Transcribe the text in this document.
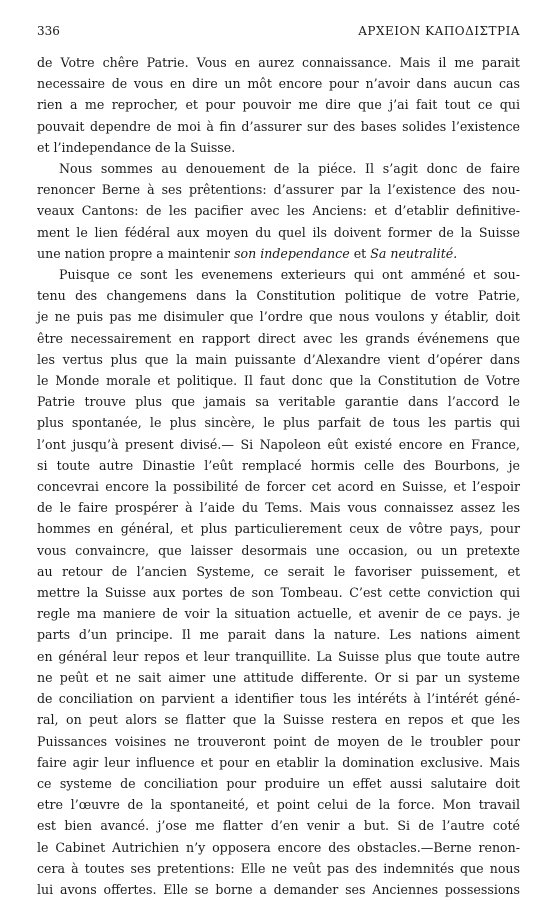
336	ΑΡΧΕΙΟΝ ΚΑΠΟΔΙΣΤΡΙΑ
de Votre chêre Patrie. Vous en aurez connaissance. Mais il me parait
necessaire de vous en dire un môt encore pour n’avoir dans aucun cas
rien a me reprocher, et pour pouvoir me dire que j’ai fait tout ce qui
pouvait dependre de moi à fin d’assurer sur des bases solides l’existence
et l’independance de la Suisse.
Nous sommes au denouement de la piéce. Il s’agit donc de faire
renoncer Berne à ses prêtentions: d’assurer par la l’existence des nou-
veaux Cantons: de les pacifier avec les Anciens: et d’etablir definitive-
ment le lien fédéral aux moyen du quel ils doivent former de la Suisse
une nation propre a maintenir son independance et Sa neutralité.
Puisque ce sont les evenemens exterieurs qui ont amméné et sou-
tenu des changemens dans la Constitution politique de votre Patrie,
je ne puis pas me disimuler que l’ordre que nous voulons y établir, doit
être necessairement en rapport direct avec les grands événemens que
les vertus plus que la main puissante d’Alexandre vient d’opérer dans
le Monde morale et politique. Il faut donc que la Constitution de Votre
Patrie trouve plus que jamais sa veritable garantie dans l’accord le
plus spontanée, le plus sincère, le plus parfait de tous les partis qui
l’ont jusqu’à present divisé.— Si Napoleon eût existé encore en France,
si toute autre Dinastie l’eût remplacé hormis celle des Bourbons, je
concevrai encore la possibilité de forcer cet acord en Suisse, et l’espoir
de le faire prospérer à l’aide du Tems. Mais vous connaissez assez les
hommes en général, et plus particulierement ceux de vôtre pays, pour
vous convaincre, que laisser desormais une occasion, ou un pretexte
au retour de l’ancien Systeme, ce serait le favoriser puissement, et
mettre la Suisse aux portes de son Tombeau. C’est cette conviction qui
regle ma maniere de voir la situation actuelle, et avenir de ce pays. je
parts d’un principe. Il me parait dans la nature. Les nations aiment
en général leur repos et leur tranquillite. La Suisse plus que toute autre
ne peût et ne sait aimer une attitude differente. Or si par un systeme
de conciliation on parvient a identifier tous les intéréts à l’intérét géné-
ral, on peut alors se flatter que la Suisse restera en repos et que les
Puissances voisines ne trouveront point de moyen de le troubler pour
faire agir leur influence et pour en etablir la domination exclusive. Mais
ce systeme de conciliation pour produire un effet aussi salutaire doit
etre l’œuvre de la spontaneité, et point celui de la force. Mon travail
est bien avancé. j’ose me flatter d’en venir a but. Si de l’autre coté
le Cabinet Autrichien n’y opposera encore des obstacles.—Berne renon-
cera à toutes ses pretentions: Elle ne veût pas des indemnités que nous
lui avons offertes. Elle se borne a demander ses Anciennes possessions
